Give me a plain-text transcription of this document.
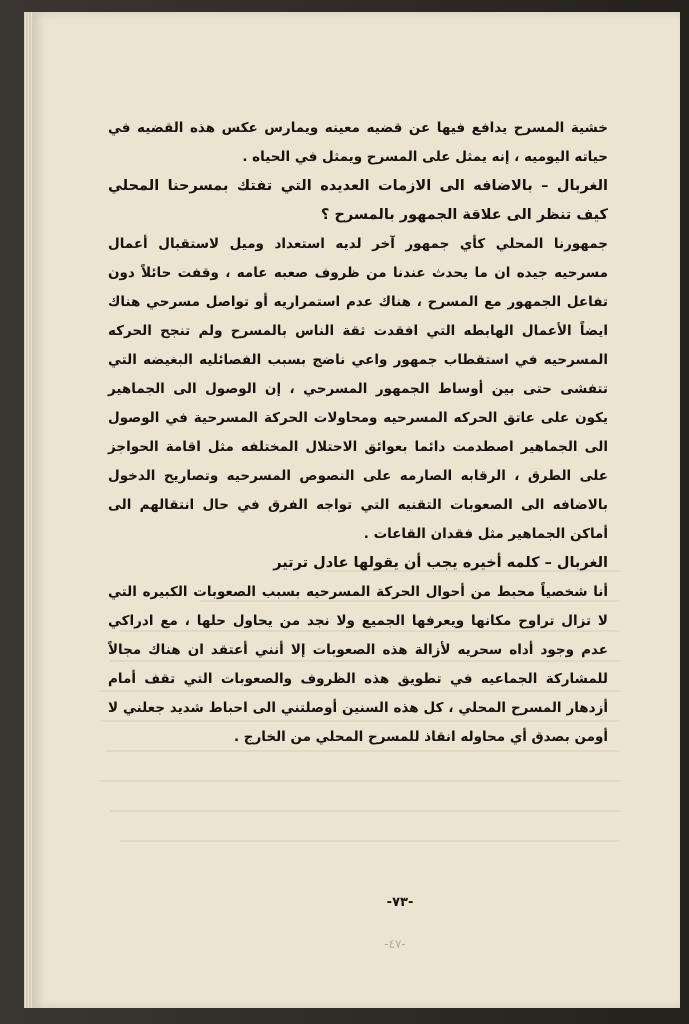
خشية المسرح يدافع فيها عن قضيه معينه ويمارس عكس هذه القضيه في حياته اليوميه ، إنه يمثل على المسرح ويمثل في الحياه .

الغربال – بالاضافه الى الازمات العديده التي تفتك بمسرحنا المحلي كيف تنظر الى علاقة الجمهور بالمسرح ؟

جمهورنا المحلي كأي جمهور آخر لديه استعداد وميل لاستقبال أعمال مسرحيه جيده ان ما يحدث عندنا من ظروف صعبه عامه ، وقفت حائلاً دون تفاعل الجمهور مع المسرح ، هناك عدم استمراريه أو تواصل مسرحي هناك ايضاً الأعمال الهابطه التي افقدت ثقة الناس بالمسرح ولم تنجح الحركه المسرحيه في استقطاب جمهور واعي ناضج بسبب الفصائليه البغيضه التي تتفشى حتى بين أوساط الجمهور المسرحي ، إن الوصول الى الجماهير يكون على عاتق الحركه المسرحيه ومحاولات الحركة المسرحية في الوصول الى الجماهير اصطدمت دائما بعوائق الاحتلال المختلفه مثل اقامة الحواجز على الطرق ، الرقابه الصارمه على النصوص المسرحيه وتصاريح الدخول بالاضافه الى الصعوبات التقنيه التي تواجه الفرق في حال انتقالهم الى أماكن الجماهير مثل فقدان القاعات .

الغربال – كلمه أخيره يجب أن يقولها عادل ترتير

أنا شخصياً محبط من أحوال الحركة المسرحيه بسبب الصعوبات الكبيره التي لا تزال تراوح مكانها ويعرفها الجميع ولا نجد من يحاول حلها ، مع ادراكي عدم وجود أداه سحريه لأزالة هذه الصعوبات إلا أنني أعتقد ان هناك مجالاً للمشاركة الجماعيه في تطويق هذه الظروف والصعوبات التي تقف أمام أزدهار المسرح المحلي ، كل هذه السنين أوصلتني الى احباط شديد جعلني لا أومن بصدق أي محاوله انقاذ للمسرح المحلي من الخارج .

-٧٣-
-٤٧-
